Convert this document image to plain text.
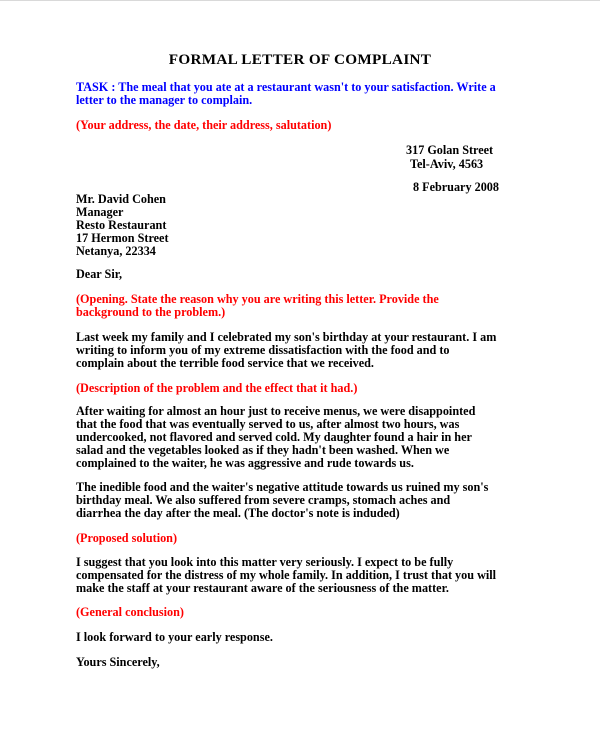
FORMAL LETTER OF COMPLAINT
TASK : The meal that you ate at a restaurant wasn't to your satisfaction. Write a
letter to the manager to complain.

(Your address, the date, their address, salutation)

317 Golan Street
Tel-Aviv, 4563

8 February 2008

Mr. David Cohen
Manager
Resto Restaurant
17 Hermon Street
Netanya, 22334

Dear Sir,

(Opening. State the reason why you are writing this letter. Provide the
background to the problem.)
Last week my family and I celebrated my son's birthday at your restaurant. I am
writing to inform you of my extreme dissatisfaction with the food and to
complain about the terrible food service that we received.

(Description of the problem and the effect that it had.)

After waiting for almost an hour just to receive menus, we were disappointed
that the food that was eventually served to us, after almost two hours, was
undercooked, not flavored and served cold. My daughter found a hair in her
salad and the vegetables looked as if they hadn't been washed. When we
complained to the waiter, he was aggressive and rude towards us.
The inedible food and the waiter's negative attitude towards us ruined my son's
birthday meal. We also suffered from severe cramps, stomach aches and
diarrhea the day after the meal. (The doctor's note is induded)

(Proposed solution)

I suggest that you look into this matter very seriously. I expect to be fully
compensated for the distress of my whole family. In addition, I trust that you will
make the staff at your restaurant aware of the seriousness of the matter.

(General conclusion)

I look forward to your early response.

Yours Sincerely,
